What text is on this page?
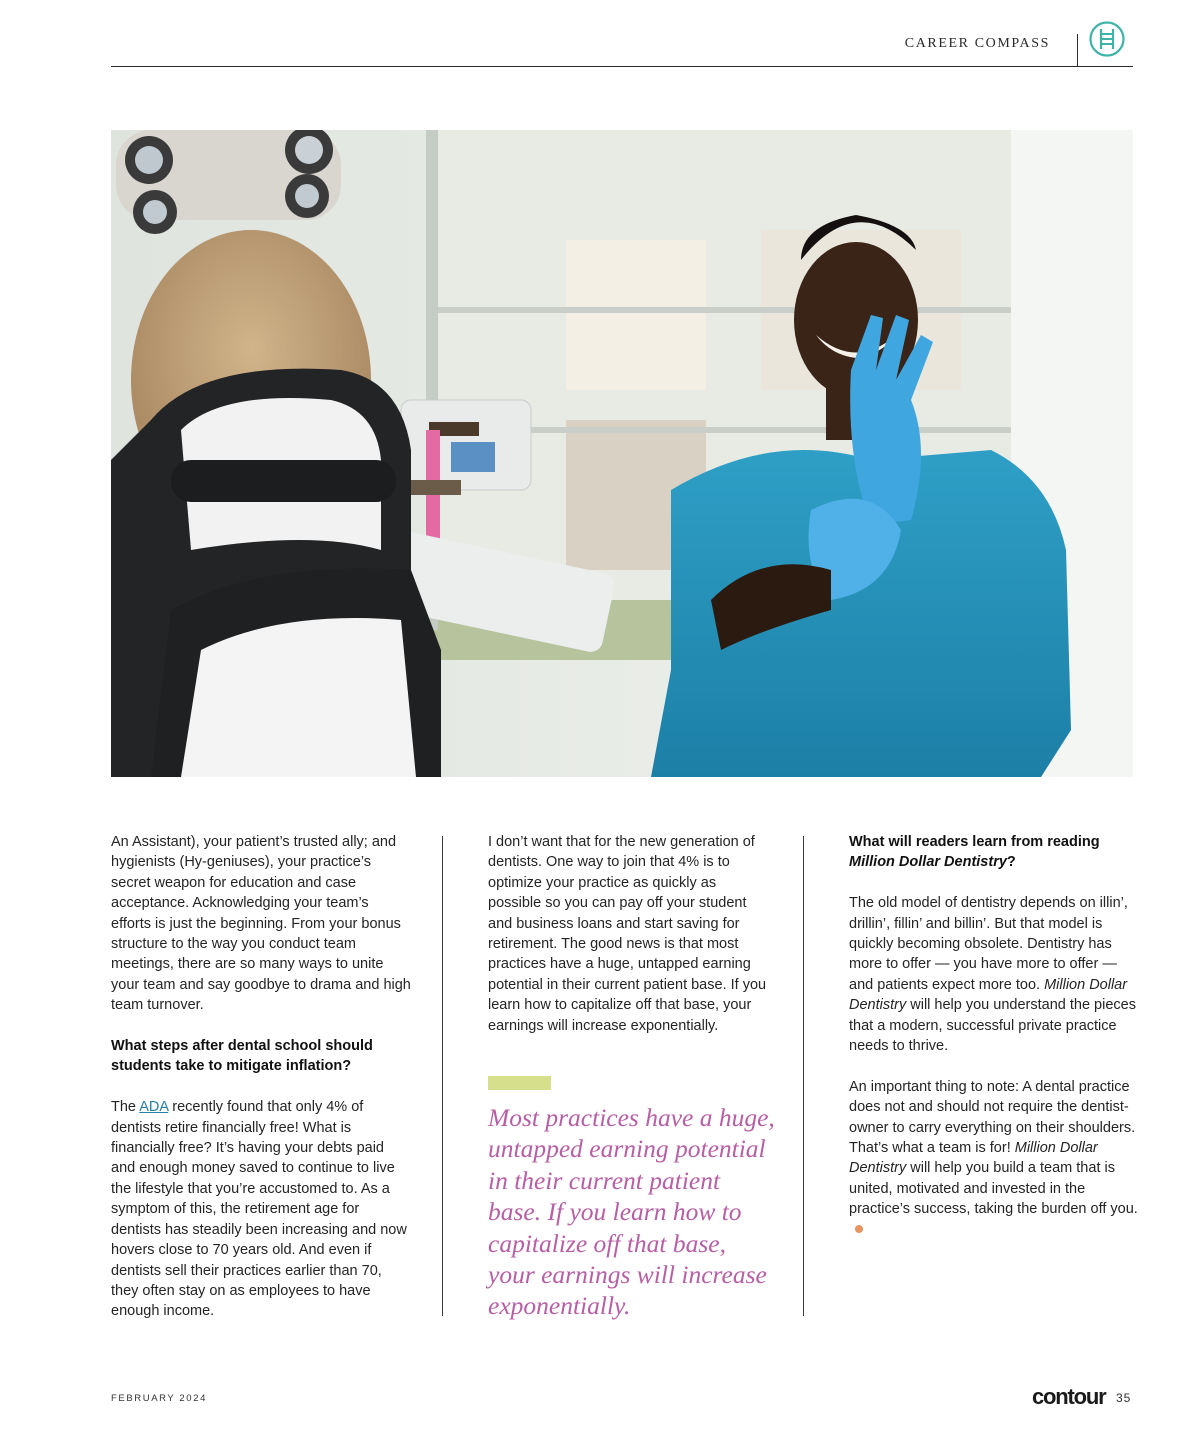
CAREER COMPASS

An Assistant), your patient’s trusted ally; and hygienists (Hy-geniuses), your practice’s secret weapon for education and case acceptance. Acknowledging your team’s efforts is just the beginning. From your bonus structure to the way you conduct team meetings, there are so many ways to unite your team and say goodbye to drama and high team turnover.

What steps after dental school should students take to mitigate inflation?

The ADA recently found that only 4% of dentists retire financially free! What is financially free? It’s having your debts paid and enough money saved to continue to live the lifestyle that you’re accustomed to. As a symptom of this, the retirement age for dentists has steadily been increasing and now hovers close to 70 years old. And even if dentists sell their practices earlier than 70, they often stay on as employees to have enough income.

I don’t want that for the new generation of dentists. One way to join that 4% is to optimize your practice as quickly as possible so you can pay off your student and business loans and start saving for retirement. The good news is that most practices have a huge, untapped earning potential in their current patient base. If you learn how to capitalize off that base, your earnings will increase exponentially.

Most practices have a huge, untapped earning potential in their current patient base. If you learn how to capitalize off that base, your earnings will increase exponentially.

What will readers learn from reading Million Dollar Dentistry?

The old model of dentistry depends on illin’, drillin’, fillin’ and billin’. But that model is quickly becoming obsolete. Dentistry has more to offer — you have more to offer — and patients expect more too. Million Dollar Dentistry will help you understand the pieces that a modern, successful private practice needs to thrive.

An important thing to note: A dental practice does not and should not require the dentist-owner to carry everything on their shoulders. That’s what a team is for! Million Dollar Dentistry will help you build a team that is united, motivated and invested in the practice’s success, taking the burden off you.

FEBRUARY 2024	contour 35
